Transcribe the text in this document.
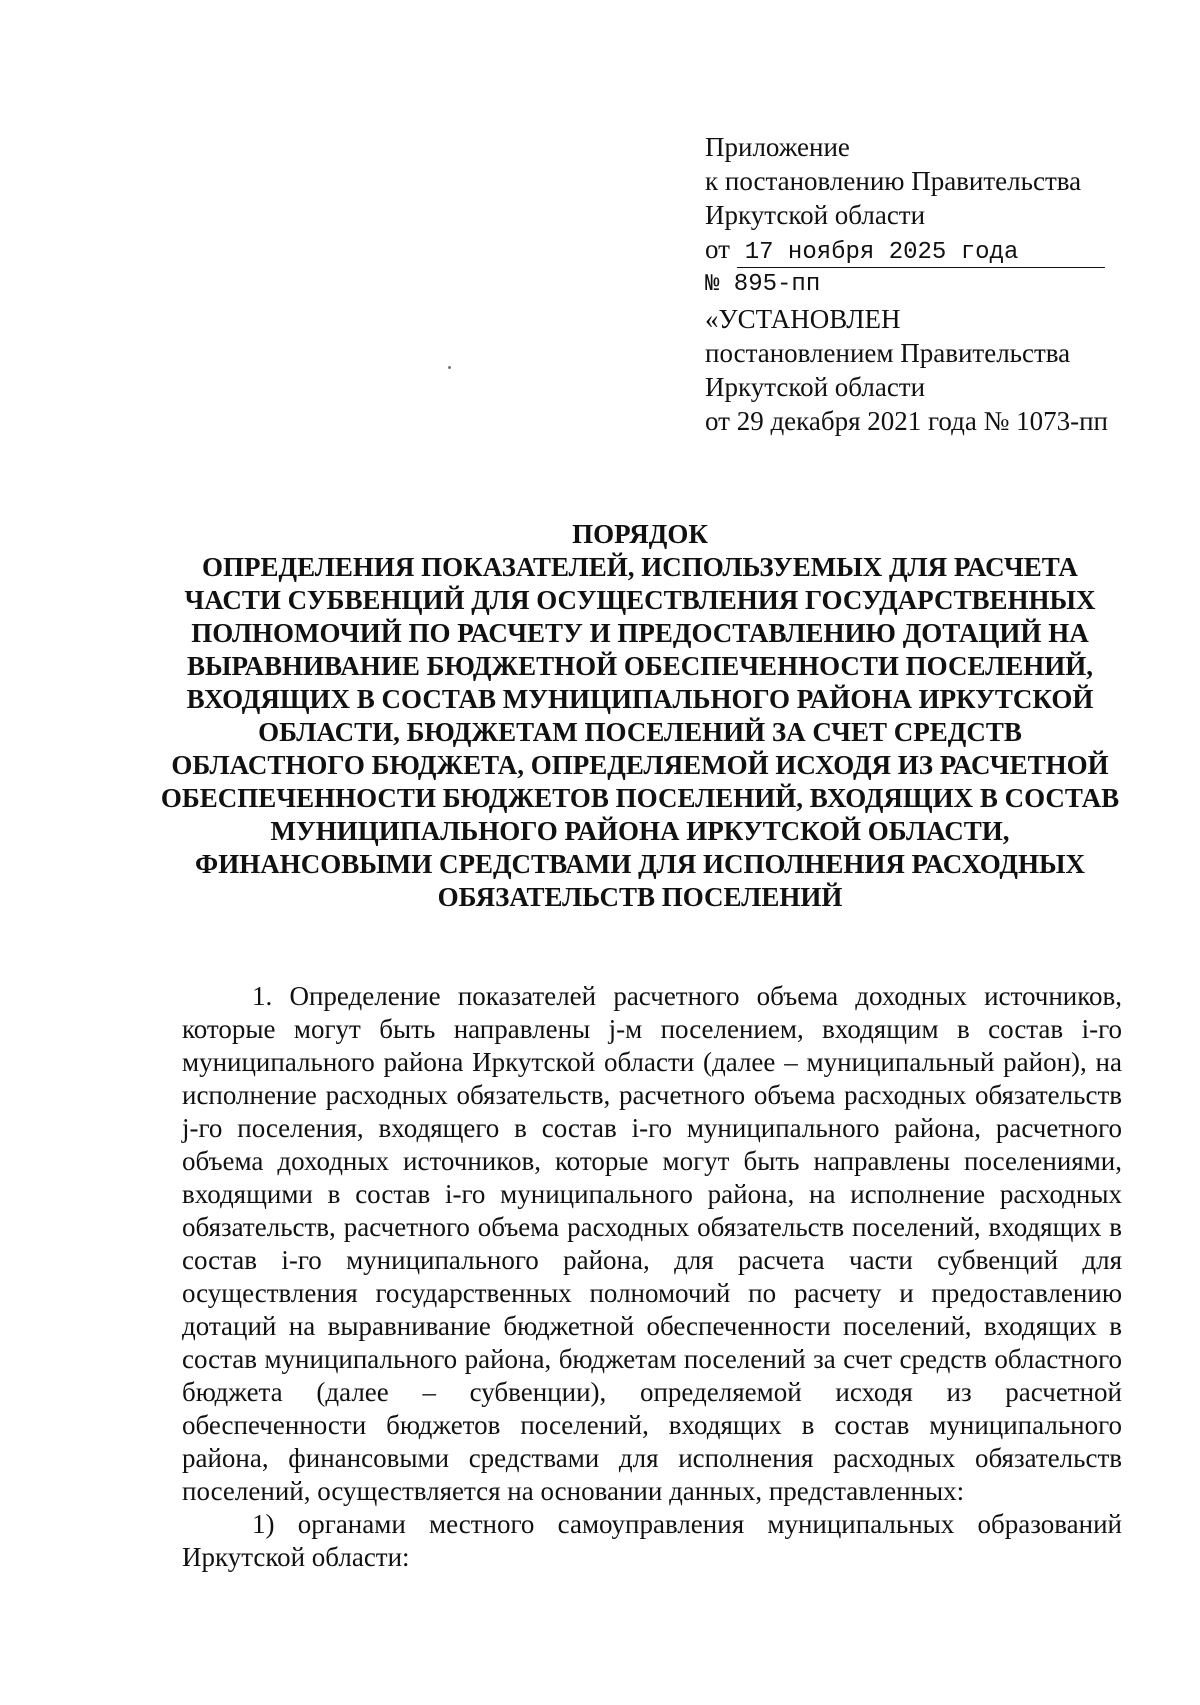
Приложение
к постановлению Правительства
Иркутской области
от 17 ноября 2025 года
№ 895-пп
«УСТАНОВЛЕН
постановлением Правительства
Иркутской области
от 29 декабря 2021 года № 1073-пп
ПОРЯДОК
ОПРЕДЕЛЕНИЯ ПОКАЗАТЕЛЕЙ, ИСПОЛЬЗУЕМЫХ ДЛЯ РАСЧЕТА ЧАСТИ СУБВЕНЦИЙ ДЛЯ ОСУЩЕСТВЛЕНИЯ ГОСУДАРСТВЕННЫХ ПОЛНОМОЧИЙ ПО РАСЧЕТУ И ПРЕДОСТАВЛЕНИЮ ДОТАЦИЙ НА ВЫРАВНИВАНИЕ БЮДЖЕТНОЙ ОБЕСПЕЧЕННОСТИ ПОСЕЛЕНИЙ, ВХОДЯЩИХ В СОСТАВ МУНИЦИПАЛЬНОГО РАЙОНА ИРКУТСКОЙ ОБЛАСТИ, БЮДЖЕТАМ ПОСЕЛЕНИЙ ЗА СЧЕТ СРЕДСТВ ОБЛАСТНОГО БЮДЖЕТА, ОПРЕДЕЛЯЕМОЙ ИСХОДЯ ИЗ РАСЧЕТНОЙ ОБЕСПЕЧЕННОСТИ БЮДЖЕТОВ ПОСЕЛЕНИЙ, ВХОДЯЩИХ В СОСТАВ МУНИЦИПАЛЬНОГО РАЙОНА ИРКУТСКОЙ ОБЛАСТИ, ФИНАНСОВЫМИ СРЕДСТВАМИ ДЛЯ ИСПОЛНЕНИЯ РАСХОДНЫХ ОБЯЗАТЕЛЬСТВ ПОСЕЛЕНИЙ

1. Определение показателей расчетного объема доходных источников, которые могут быть направлены j-м поселением, входящим в состав i-го муниципального района Иркутской области (далее – муниципальный район), на исполнение расходных обязательств, расчетного объема расходных обязательств j-го поселения, входящего в состав i-го муниципального района, расчетного объема доходных источников, которые могут быть направлены поселениями, входящими в состав i-го муниципального района, на исполнение расходных обязательств, расчетного объема расходных обязательств поселений, входящих в состав i-го муниципального района, для расчета части субвенций для осуществления государственных полномочий по расчету и предоставлению дотаций на выравнивание бюджетной обеспеченности поселений, входящих в состав муниципального района, бюджетам поселений за счет средств областного бюджета (далее – субвенции), определяемой исходя из расчетной обеспеченности бюджетов поселений, входящих в состав муниципального района, финансовыми средствами для исполнения расходных обязательств поселений, осуществляется на основании данных, представленных:

1) органами местного самоуправления муниципальных образований Иркутской области:
